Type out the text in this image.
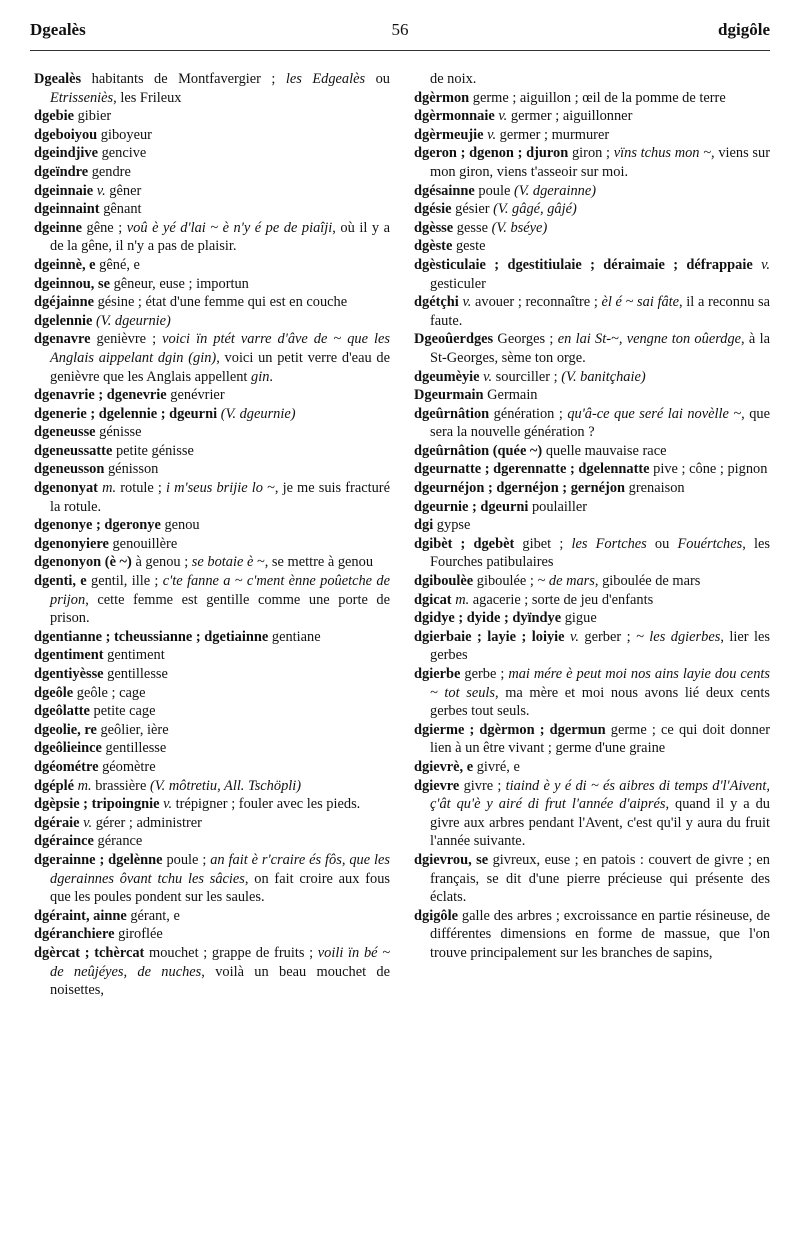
Dgealès	56	dgigôle

Dgealès habitants de Montfavergier ; les Edgealès ou Etrisseniès, les Frileux

dgebie gibier

dgeboiyou giboyeur

dgeindjive gencive

dgeïndre gendre

dgeinnaie v. gêner

dgeinnaint gênant

dgeinne gêne ; voû è yé d'lai ~ è n'y é pe de piaîji, où il y a de la gêne, il n'y a pas de plaisir.

dgeinnè, e gêné, e

dgeinnou, se gêneur, euse ; importun

dgéjainne gésine ; état d'une femme qui est en couche

dgelennie (V. dgeurnie)

dgenavre genièvre ; voici ïn ptét varre d'âve de ~ que les Anglais aippelant dgin (gin), voici un petit verre d'eau de genièvre que les Anglais appellent gin.

dgenavrie ; dgenevrie genévrier

dgenerie ; dgelennie ; dgeurni (V. dgeurnie)

dgeneusse génisse

dgeneussatte petite génisse

dgeneusson génisson

dgenonyat m. rotule ; i m'seus brijie lo ~, je me suis fracturé la rotule.

dgenonye ; dgeronye genou

dgenonyiere genouillère

dgenonyon (è ~) à genou ; se botaie è ~, se mettre à genou

dgenti, e gentil, ille ; c'te fanne a ~ c'ment ènne poûetche de prijon, cette femme est gentille comme une porte de prison.

dgentianne ; tcheussianne ; dgetiainne gentiane

dgentiment gentiment

dgentiyèsse gentillesse

dgeôle geôle ; cage

dgeôlatte petite cage

dgeolie, re geôlier, ière

dgeôlieince gentillesse

dgéométre géomètre

dgéplé m. brassière (V. môtretiu, All. Tschöpli)

dgèpsie ; tripoingnie v. trépigner ; fouler avec les pieds.

dgéraie v. gérer ; administrer

dgéraince gérance

dgerainne ; dgelènne poule ; an fait è r'craire és fôs, que les dgerainnes ôvant tchu les sâcies, on fait croire aux fous que les poules pondent sur les saules.

dgéraint, ainne gérant, e

dgéranchiere giroflée

dgèrcat ; tchèrcat mouchet ; grappe de fruits ; voili ïn bé ~ de neûjéyes, de nuches, voilà un beau mouchet de noisettes,

de noix.

dgèrmon germe ; aiguillon ; œil de la pomme de terre

dgèrmonnaie v. germer ; aiguillonner

dgèrmeujie v. germer ; murmurer

dgeron ; dgenon ; djuron giron ; vïns tchus mon ~, viens sur mon giron, viens t'asseoir sur moi.

dgésainne poule (V. dgerainne)

dgésie gésier (V. gâgé, gâjé)

dgèsse gesse (V. bséye)

dgèste geste

dgèsticulaie ; dgestitiulaie ; déraimaie ; défrappaie v. gesticuler

dgétçhi v. avouer ; reconnaître ; èl é ~ sai fâte, il a reconnu sa faute.

Dgeoûerdges Georges ; en lai St-~, vengne ton oûerdge, à la St-Georges, sème ton orge.

dgeumèyie v. sourciller ; (V. banitçhaie)

Dgeurmain Germain

dgeûrnâtion génération ; qu'â-ce que seré lai novèlle ~, que sera la nouvelle génération ?

dgeûrnâtion (quée ~) quelle mauvaise race

dgeurnatte ; dgerennatte ; dgelennatte pive ; cône ; pignon

dgeurnéjon ; dgernéjon ; gernéjon grenaison

dgeurnie ; dgeurni poulailler

dgi gypse

dgibèt ; dgebèt gibet ; les Fortches ou Fouértches, les Fourches patibulaires

dgiboulèe giboulée ; ~ de mars, giboulée de mars

dgicat m. agacerie ; sorte de jeu d'enfants

dgidye ; dyide ; dyïndye gigue

dgierbaie ; layie ; loiyie v. gerber ; ~ les dgierbes, lier les gerbes

dgierbe gerbe ; mai mére è peut moi nos ains layie dou cents ~ tot seuls, ma mère et moi nous avons lié deux cents gerbes tout seuls.

dgierme ; dgèrmon ; dgermun germe ; ce qui doit donner lien à un être vivant ; germe d'une graine

dgievrè, e givré, e

dgievre givre ; tiaind è y é di ~ és aibres di temps d'l'Aivent, ç'ât qu'è y airé di frut l'année d'aiprés, quand il y a du givre aux arbres pendant l'Avent, c'est qu'il y aura du fruit l'année suivante.

dgievrou, se givreux, euse ; en patois : couvert de givre ; en français, se dit d'une pierre précieuse qui présente des éclats.

dgigôle galle des arbres ; excroissance en partie résineuse, de différentes dimensions en forme de massue, que l'on trouve principalement sur les branches de sapins,
